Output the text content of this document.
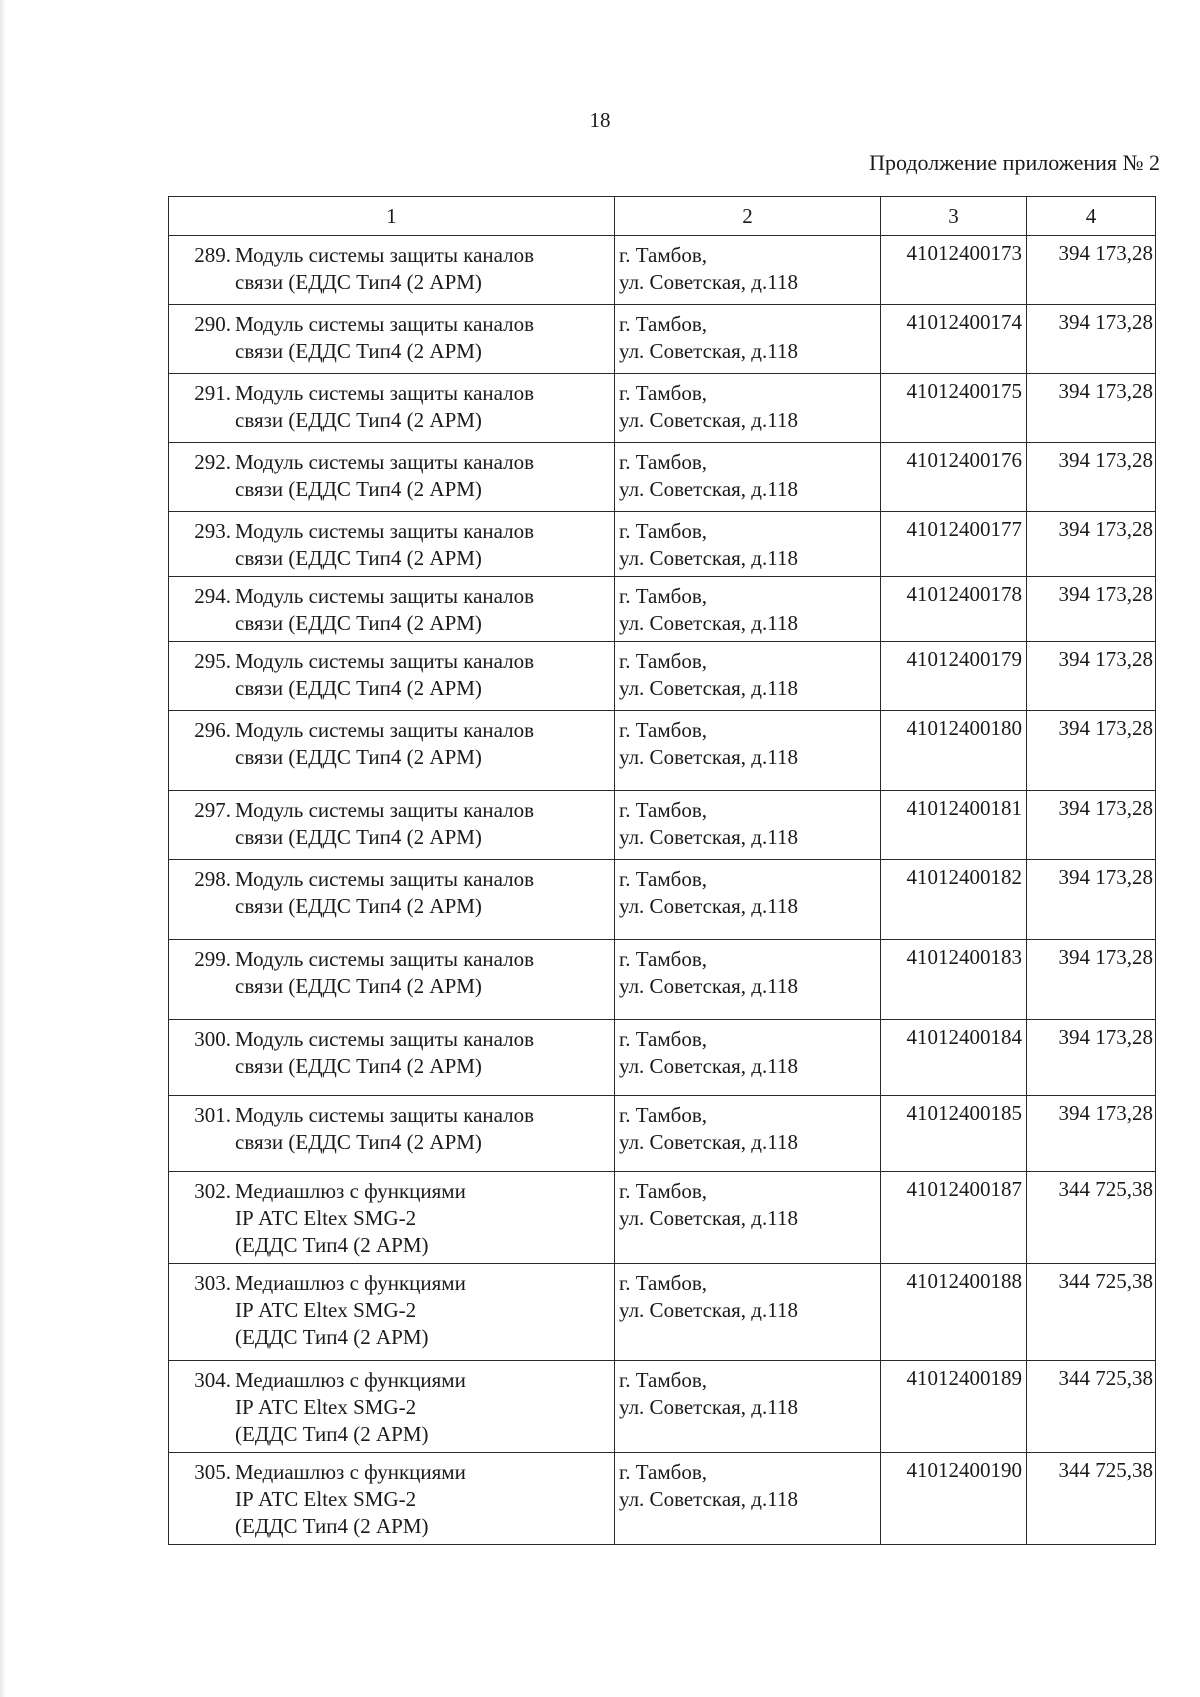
18
Продолжение приложения № 2
1	2	3	4

289. Модуль системы защиты каналов
связи (ЕДДС Тип4 (2 АРМ)	г. Тамбов,
ул. Советская, д.118	41012400173	394 173,28

290. Модуль системы защиты каналов
связи (ЕДДС Тип4 (2 АРМ)	г. Тамбов,
ул. Советская, д.118	41012400174	394 173,28

291. Модуль системы защиты каналов
связи (ЕДДС Тип4 (2 АРМ)	г. Тамбов,
ул. Советская, д.118	41012400175	394 173,28

292. Модуль системы защиты каналов
связи (ЕДДС Тип4 (2 АРМ)	г. Тамбов,
ул. Советская, д.118	41012400176	394 173,28

293. Модуль системы защиты каналов
связи (ЕДДС Тип4 (2 АРМ)	г. Тамбов,
ул. Советская, д.118	41012400177	394 173,28

294. Модуль системы защиты каналов
связи (ЕДДС Тип4 (2 АРМ)	г. Тамбов,
ул. Советская, д.118	41012400178	394 173,28

295. Модуль системы защиты каналов
связи (ЕДДС Тип4 (2 АРМ)	г. Тамбов,
ул. Советская, д.118	41012400179	394 173,28

296. Модуль системы защиты каналов
связи (ЕДДС Тип4 (2 АРМ)	г. Тамбов,
ул. Советская, д.118	41012400180	394 173,28

297. Модуль системы защиты каналов
связи (ЕДДС Тип4 (2 АРМ)	г. Тамбов,
ул. Советская, д.118	41012400181	394 173,28

298. Модуль системы защиты каналов
связи (ЕДДС Тип4 (2 АРМ)	г. Тамбов,
ул. Советская, д.118	41012400182	394 173,28

299. Модуль системы защиты каналов
связи (ЕДДС Тип4 (2 АРМ)	г. Тамбов,
ул. Советская, д.118	41012400183	394 173,28

300. Модуль системы защиты каналов
связи (ЕДДС Тип4 (2 АРМ)	г. Тамбов,
ул. Советская, д.118	41012400184	394 173,28

301. Модуль системы защиты каналов
связи (ЕДДС Тип4 (2 АРМ)	г. Тамбов,
ул. Советская, д.118	41012400185	394 173,28

302. Медиашлюз с функциями
IP АТС Eltex SMG-2
(ЕДДС Тип4 (2 АРМ)	г. Тамбов,
ул. Советская, д.118	41012400187	344 725,38

303. Медиашлюз с функциями
IP АТС Eltex SMG-2
(ЕДДС Тип4 (2 АРМ)	г. Тамбов,
ул. Советская, д.118	41012400188	344 725,38

304. Медиашлюз с функциями
IP АТС Eltex SMG-2
(ЕДДС Тип4 (2 АРМ)	г. Тамбов,
ул. Советская, д.118	41012400189	344 725,38

305. Медиашлюз с функциями
IP АТС Eltex SMG-2
(ЕДДС Тип4 (2 АРМ)	г. Тамбов,
ул. Советская, д.118	41012400190	344 725,38
